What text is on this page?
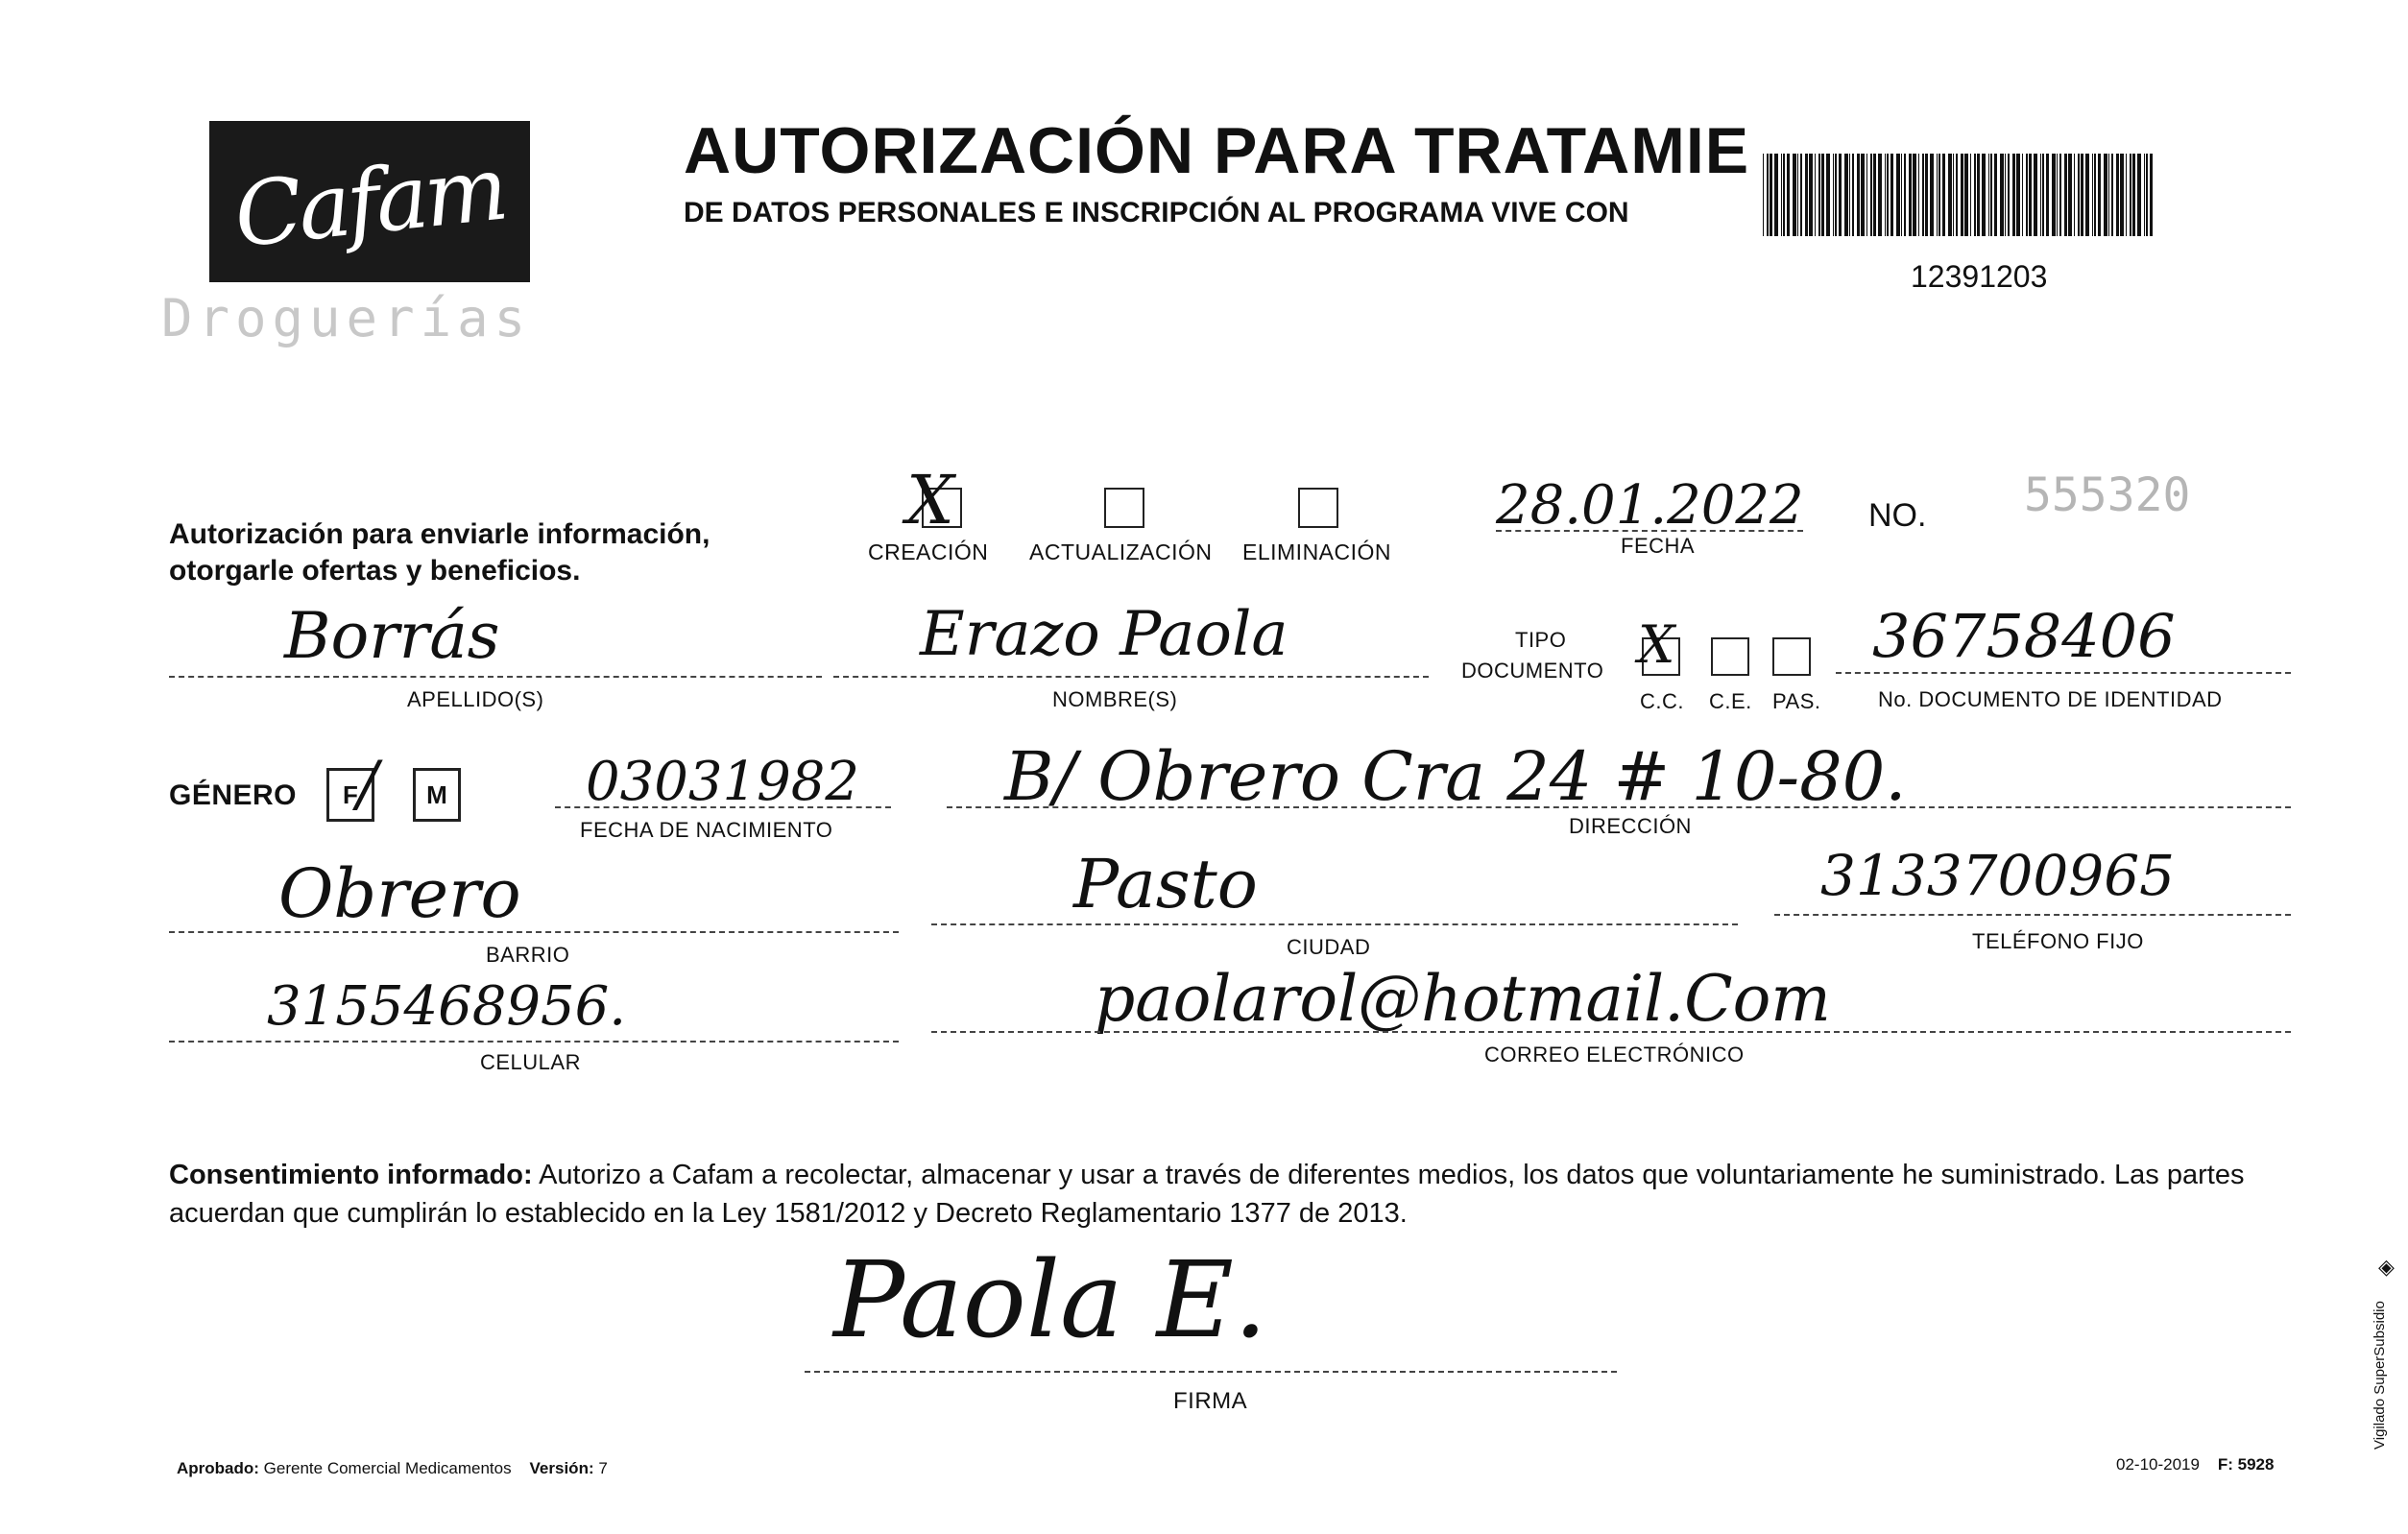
Cafam
Droguerías
AUTORIZACIÓN PARA TRATAMIE
DE DATOS PERSONALES E INSCRIPCIÓN AL PROGRAMA VIVE CON
12391203
Autorización para enviarle información,
otorgarle ofertas y beneficios.
X
CREACIÓN ACTUALIZACIÓN ELIMINACIÓN
28.01.2022
FECHA
NO. 555320
Borrás
APELLIDO(S)
Erazo Paola
NOMBRE(S)
TIPO
DOCUMENTO X
C.C. C.E. PAS.
36758406
No. DOCUMENTO DE IDENTIDAD
GÉNERO F / M	03031982
FECHA DE NACIMIENTO
B/ Obrero Cra 24 # 10-80.
DIRECCIÓN
Obrero
BARRIO
Pasto
CIUDAD
3133700965
TELÉFONO FIJO
3155468956.
CELULAR
paolarol@hotmail.Com
CORREO ELECTRÓNICO
Consentimiento informado: Autorizo a Cafam a recolectar, almacenar y usar a través de diferentes medios, los datos que voluntariamente he suministrado. Las partes acuerdan que cumplirán lo establecido en la Ley 1581/2012 y Decreto Reglamentario 1377 de 2013.
Paola E.
FIRMA
Aprobado: Gerente Comercial Medicamentos Versión: 7	02-10-2019 F: 5928
◈
Vigilado SuperSubsidio
